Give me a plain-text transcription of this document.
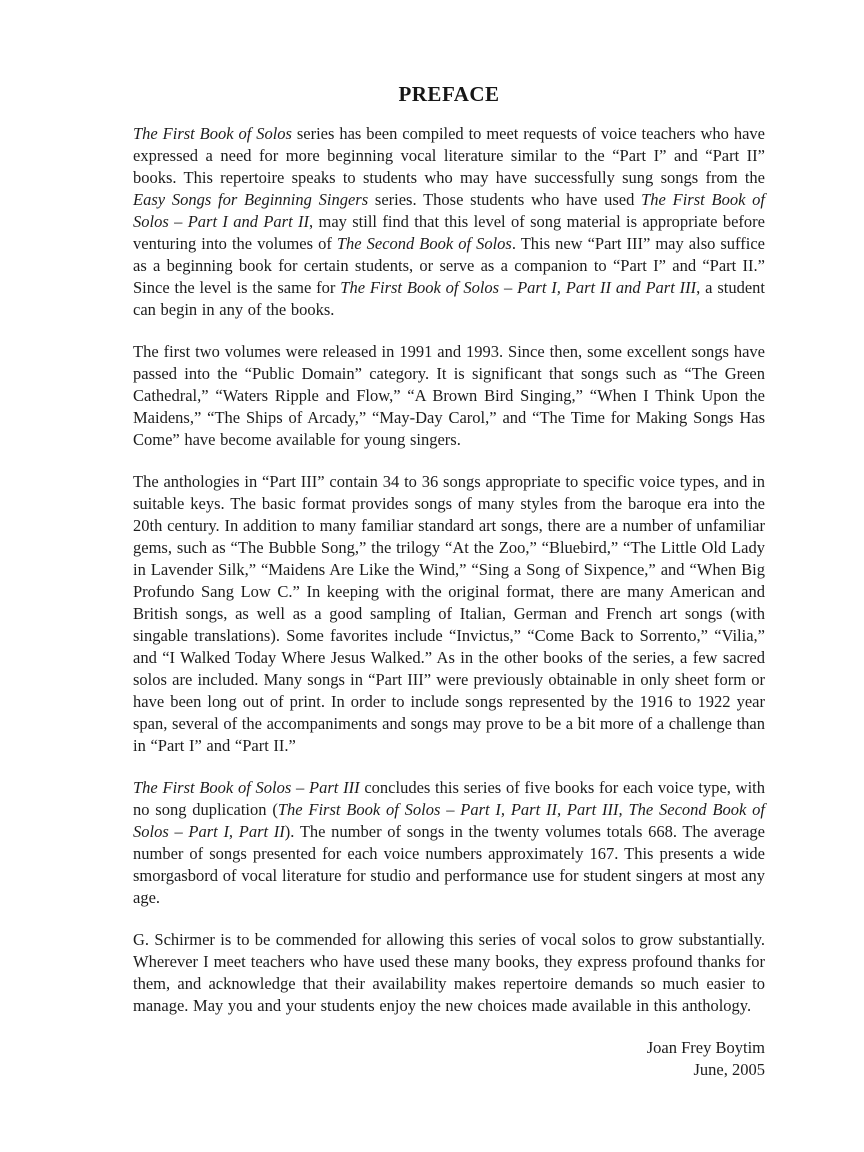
PREFACE

The First Book of Solos series has been compiled to meet requests of voice teachers who have expressed a need for more beginning vocal literature similar to the “Part I” and “Part II” books. This repertoire speaks to students who may have successfully sung songs from the Easy Songs for Beginning Singers series. Those students who have used The First Book of Solos – Part I and Part II, may still find that this level of song material is appropriate before venturing into the volumes of The Second Book of Solos. This new “Part III” may also suffice as a beginning book for certain students, or serve as a companion to “Part I” and “Part II.” Since the level is the same for The First Book of Solos – Part I, Part II and Part III, a student can begin in any of the books.

The first two volumes were released in 1991 and 1993. Since then, some excellent songs have passed into the “Public Domain” category. It is significant that songs such as “The Green Cathedral,” “Waters Ripple and Flow,” “A Brown Bird Singing,” “When I Think Upon the Maidens,” “The Ships of Arcady,” “May-Day Carol,” and “The Time for Making Songs Has Come” have become available for young singers.

The anthologies in “Part III” contain 34 to 36 songs appropriate to specific voice types, and in suitable keys. The basic format provides songs of many styles from the baroque era into the 20th century. In addition to many familiar standard art songs, there are a number of unfamiliar gems, such as “The Bubble Song,” the trilogy “At the Zoo,” “Bluebird,” “The Little Old Lady in Lavender Silk,” “Maidens Are Like the Wind,” “Sing a Song of Sixpence,” and “When Big Profundo Sang Low C.” In keeping with the original format, there are many American and British songs, as well as a good sampling of Italian, German and French art songs (with singable translations). Some favorites include “Invictus,” “Come Back to Sorrento,” “Vilia,” and “I Walked Today Where Jesus Walked.” As in the other books of the series, a few sacred solos are included. Many songs in “Part III” were previously obtainable in only sheet form or have been long out of print. In order to include songs represented by the 1916 to 1922 year span, several of the accompaniments and songs may prove to be a bit more of a challenge than in “Part I” and “Part II.”

The First Book of Solos – Part III concludes this series of five books for each voice type, with no song duplication (The First Book of Solos – Part I, Part II, Part III, The Second Book of Solos – Part I, Part II). The number of songs in the twenty volumes totals 668. The average number of songs presented for each voice numbers approximately 167. This presents a wide smorgasbord of vocal literature for studio and performance use for student singers at most any age.

G. Schirmer is to be commended for allowing this series of vocal solos to grow substantially. Wherever I meet teachers who have used these many books, they express profound thanks for them, and acknowledge that their availability makes repertoire demands so much easier to manage. May you and your students enjoy the new choices made available in this anthology.

Joan Frey Boytim
June, 2005
